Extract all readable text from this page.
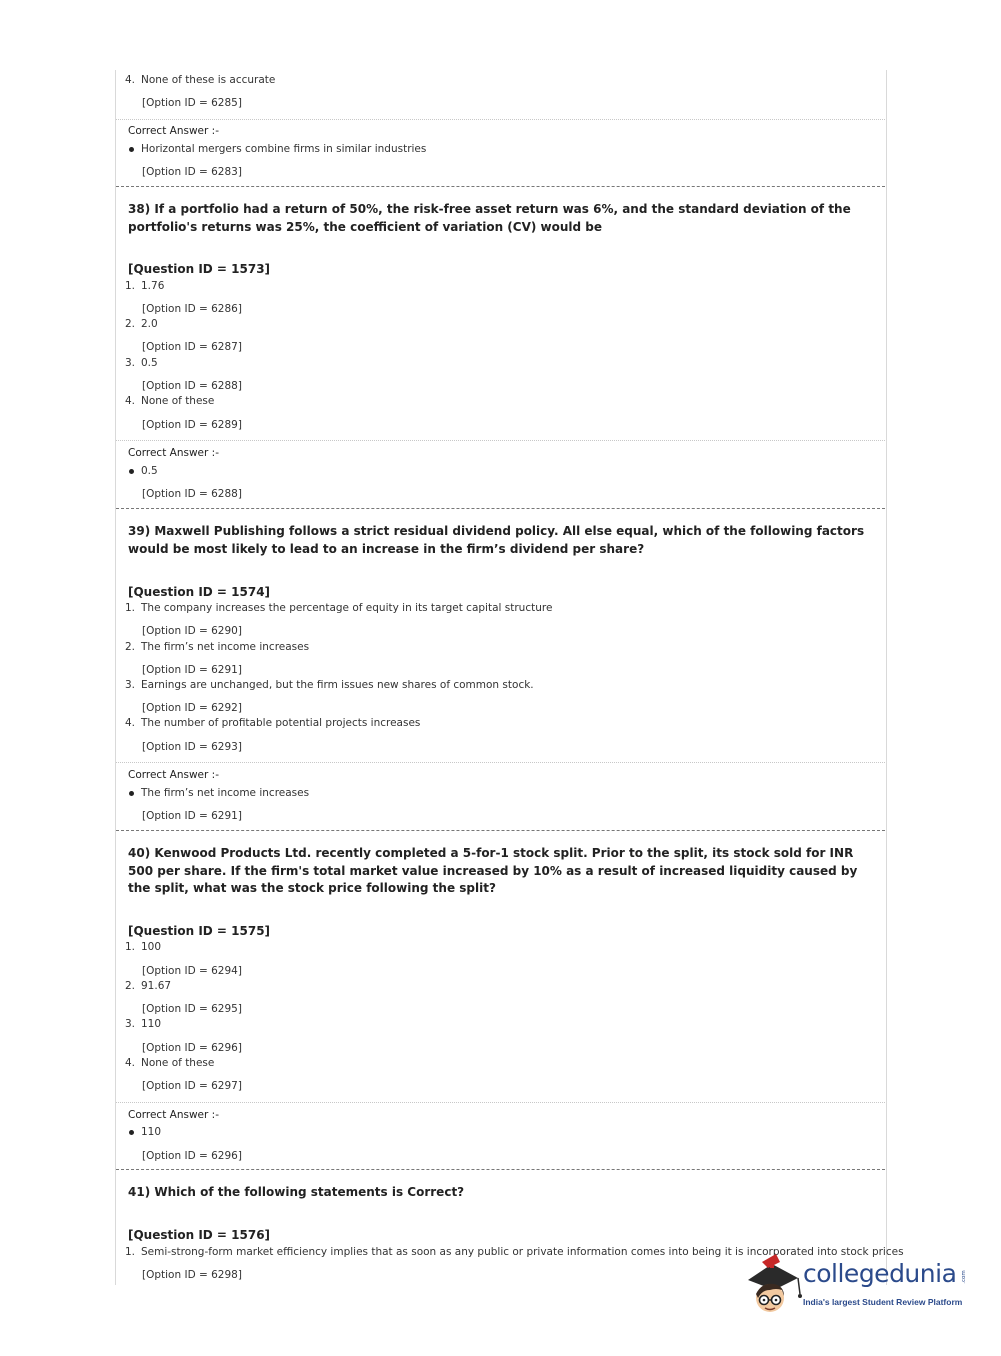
4. None of these is accurate
[Option ID = 6285]
Correct Answer :-
Horizontal mergers combine firms in similar industries
[Option ID = 6283]
38) If a portfolio had a return of 50%, the risk-free asset return was 6%, and the standard deviation of the portfolio's returns was 25%, the coefficient of variation (CV) would be
[Question ID = 1573]
1. 1.76
[Option ID = 6286]
2. 2.0
[Option ID = 6287]
3. 0.5
[Option ID = 6288]
4. None of these
[Option ID = 6289]
Correct Answer :-
0.5
[Option ID = 6288]
39) Maxwell Publishing follows a strict residual dividend policy. All else equal, which of the following factors would be most likely to lead to an increase in the firm’s dividend per share?
[Question ID = 1574]
1. The company increases the percentage of equity in its target capital structure
[Option ID = 6290]
2. The firm’s net income increases
[Option ID = 6291]
3. Earnings are unchanged, but the firm issues new shares of common stock.
[Option ID = 6292]
4. The number of profitable potential projects increases
[Option ID = 6293]
Correct Answer :-
The firm’s net income increases
[Option ID = 6291]
40) Kenwood Products Ltd. recently completed a 5-for-1 stock split. Prior to the split, its stock sold for INR 500 per share. If the firm's total market value increased by 10% as a result of increased liquidity caused by the split, what was the stock price following the split?
[Question ID = 1575]
1. 100
[Option ID = 6294]
2. 91.67
[Option ID = 6295]
3. 110
[Option ID = 6296]
4. None of these
[Option ID = 6297]
Correct Answer :-
110
[Option ID = 6296]
41) Which of the following statements is Correct?
[Question ID = 1576]
1. Semi-strong-form market efficiency implies that as soon as any public or private information comes into being it is incorporated into stock prices
[Option ID = 6298]	collegedunia .com
India's largest Student Review Platform
